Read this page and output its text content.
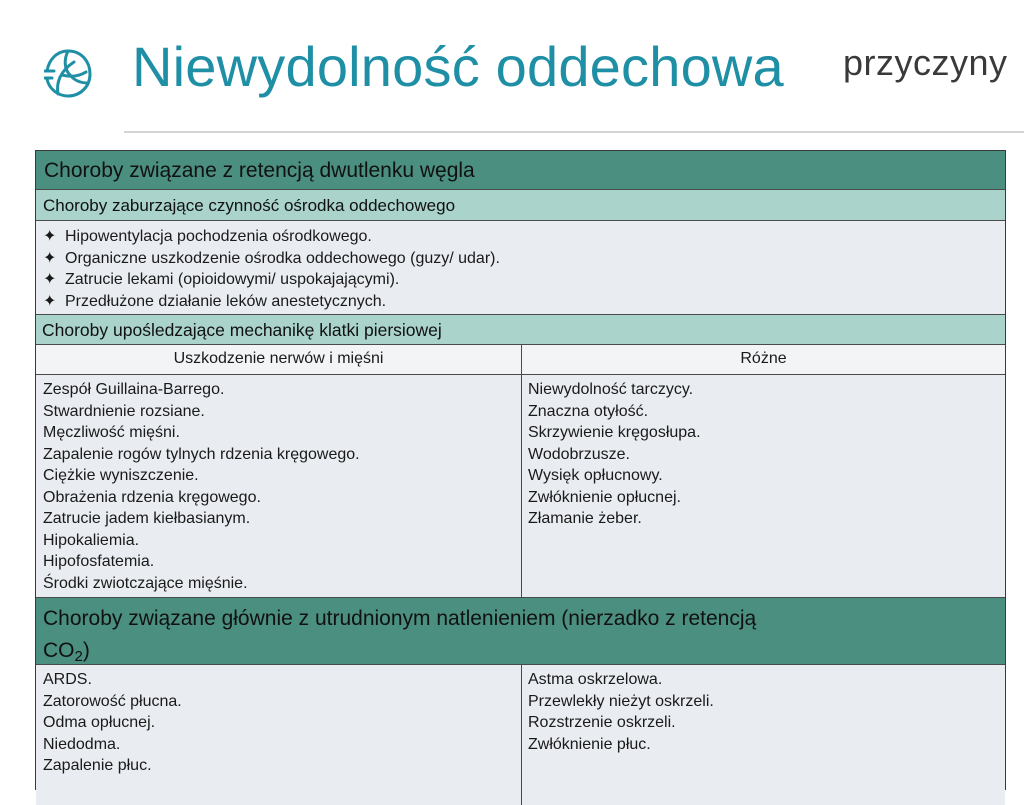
Niewydolność oddechowa przyczyny
Choroby związane z retencją dwutlenku węgla
Choroby zaburzające czynność ośrodka oddechowego
✦ Hipowentylacja pochodzenia ośrodkowego.
✦ Organiczne uszkodzenie ośrodka oddechowego (guzy/ udar).
✦ Zatrucie lekami (opioidowymi/ uspokajającymi).
✦ Przedłużone działanie leków anestetycznych.
Choroby upośledzające mechanikę klatki piersiowej
Uszkodzenie nerwów i mięśni	Różne
Zespół Guillaina-Barrego.
Stwardnienie rozsiane.
Męczliwość mięśni.
Zapalenie rogów tylnych rdzenia kręgowego.
Ciężkie wyniszczenie.
Obrażenia rdzenia kręgowego.
Zatrucie jadem kiełbasianym.
Hipokaliemia.
Hipofosfatemia.
Środki zwiotczające mięśnie.
Niewydolność tarczycy.
Znaczna otyłość.
Skrzywienie kręgosłupa.
Wodobrzusze.
Wysięk opłucnowy.
Zwłóknienie opłucnej.
Złamanie żeber.
Choroby związane głównie z utrudnionym natlenieniem (nierzadko z retencją
$CO_2$)
ARDS.
Zatorowość płucna.
Odma opłucnej.
Niedodma.
Zapalenie płuc.
Astma oskrzelowa.
Przewlekły nieżyt oskrzeli.
Rozstrzenie oskrzeli.
Zwłóknienie płuc.
